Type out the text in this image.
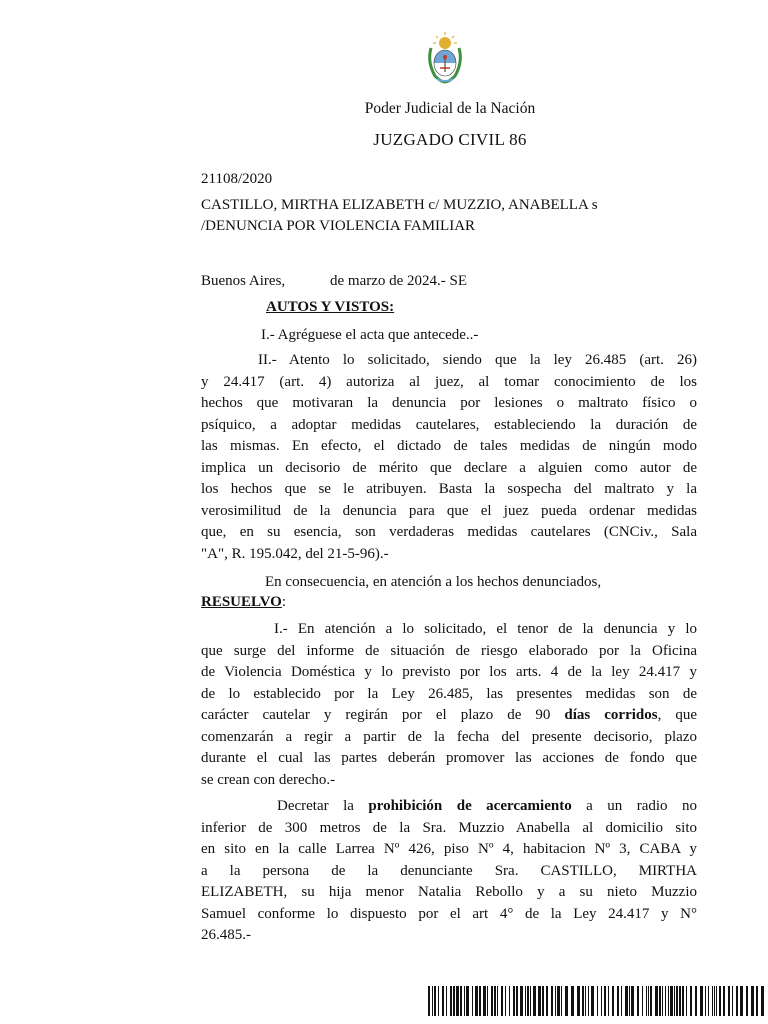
Poder Judicial de la Nación
JUZGADO CIVIL 86
21108/2020
CASTILLO, MIRTHA ELIZABETH c/ MUZZIO, ANABELLA s
/DENUNCIA POR VIOLENCIA FAMILIAR
Buenos Aires,	de marzo de 2024.- SE
AUTOS Y VISTOS:
I.- Agréguese el acta que antecede..-
II.- Atento lo solicitado, siendo que la ley 26.485 (art. 26)
y 24.417 (art. 4) autoriza al juez, al tomar conocimiento de los
hechos que motivaran la denuncia por lesiones o maltrato físico o
psíquico, a adoptar medidas cautelares, estableciendo la duración de
las mismas. En efecto, el dictado de tales medidas de ningún modo
implica un decisorio de mérito que declare a alguien como autor de
los hechos que se le atribuyen. Basta la sospecha del maltrato y la
verosimilitud de la denuncia para que el juez pueda ordenar medidas
que, en su esencia, son verdaderas medidas cautelares (CNCiv., Sala
"A", R. 195.042, del 21-5-96).-
En consecuencia, en atención a los hechos denunciados,
RESUELVO:
I.- En atención a lo solicitado, el tenor de la denuncia y lo
que surge del informe de situación de riesgo elaborado por la Oficina
de Violencia Doméstica y lo previsto por los arts. 4 de la ley 24.417 y
de lo establecido por la Ley 26.485, las presentes medidas son de
carácter cautelar y regirán por el plazo de 90 días corridos, que
comenzarán a regir a partir de la fecha del presente decisorio, plazo
durante el cual las partes deberán promover las acciones de fondo que
se crean con derecho.-
Decretar la prohibición de acercamiento a un radio no
inferior de 300 metros de la Sra. Muzzio Anabella al domicilio sito
en sito en la calle Larrea Nº 426, piso Nº 4, habitacion Nº 3, CABA y
a la persona de la denunciante Sra. CASTILLO, MIRTHA
ELIZABETH, su hija menor Natalia Rebollo y a su nieto Muzzio
Samuel conforme lo dispuesto por el art 4° de la Ley 24.417 y N°
26.485.-
